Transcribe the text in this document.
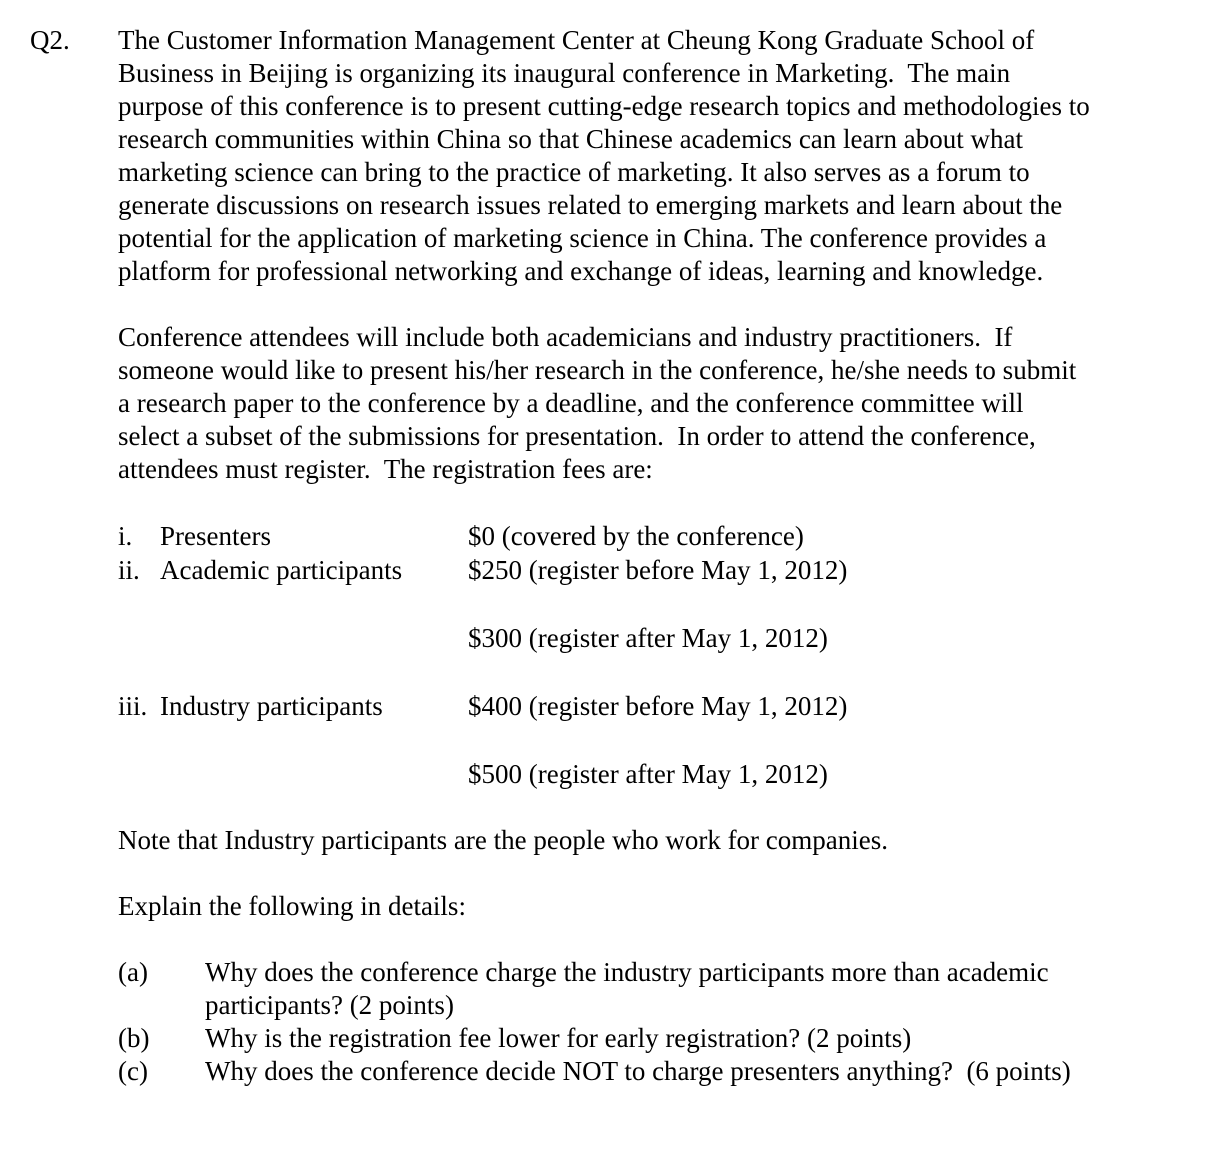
Q2. The Customer Information Management Center at Cheung Kong Graduate School of
Business in Beijing is organizing its inaugural conference in Marketing.  The main
purpose of this conference is to present cutting-edge research topics and methodologies to
research communities within China so that Chinese academics can learn about what
marketing science can bring to the practice of marketing. It also serves as a forum to
generate discussions on research issues related to emerging markets and learn about the
potential for the application of marketing science in China. The conference provides a
platform for professional networking and exchange of ideas, learning and knowledge.

Conference attendees will include both academicians and industry practitioners.  If
someone would like to present his/her research in the conference, he/she needs to submit
a research paper to the conference by a deadline, and the conference committee will
select a subset of the submissions for presentation.  In order to attend the conference,
attendees must register.  The registration fees are:

i.	Presenters	$0 (covered by the conference)
ii. Academic participants $250 (register before May 1, 2012)
$300 (register after May 1, 2012)
iii. Industry participants	$400 (register before May 1, 2012)
$500 (register after May 1, 2012)

Note that Industry participants are the people who work for companies.

Explain the following in details:

(a) Why does the conference charge the industry participants more than academic
participants? (2 points)
(b) Why is the registration fee lower for early registration? (2 points)
(c) Why does the conference decide NOT to charge presenters anything?  (6 points)
